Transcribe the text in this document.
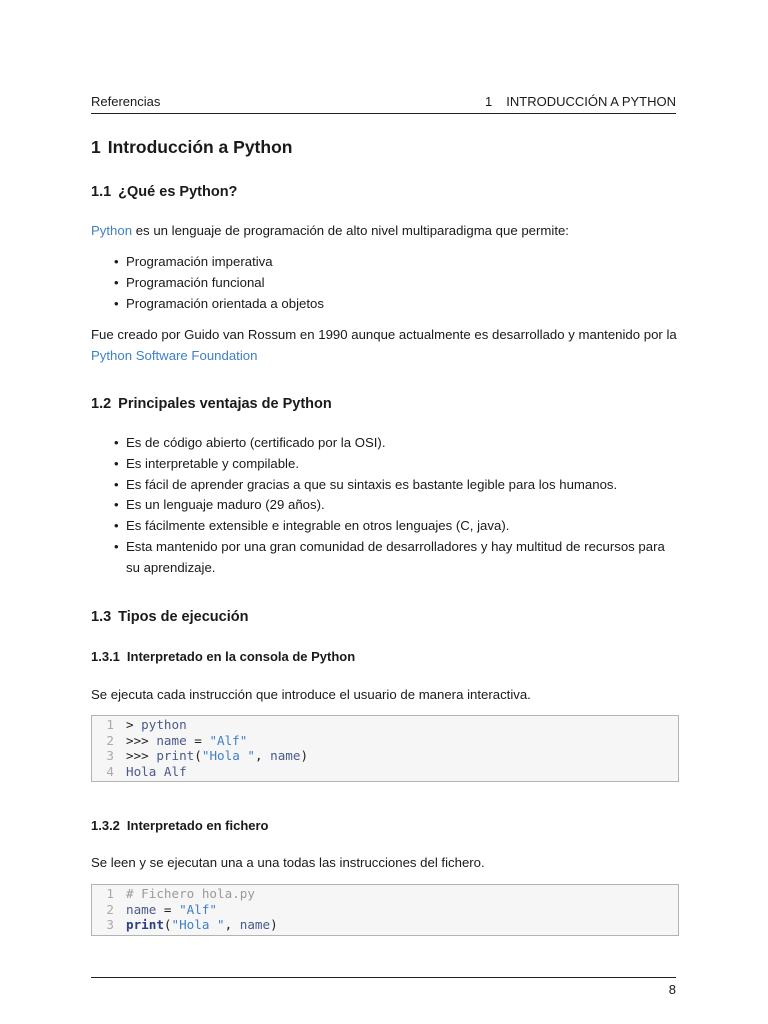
Referencias	1 INTRODUCCIÓN A PYTHON
1 Introducción a Python
1.1 ¿Qué es Python?

Python es un lenguaje de programación de alto nivel multiparadigma que permite:

• Programación imperativa
• Programación funcional
• Programación orientada a objetos

Fue creado por Guido van Rossum en 1990 aunque actualmente es desarrollado y mantenido por la
Python Software Foundation

1.2 Principales ventajas de Python
• Es de código abierto (certificado por la OSI).
• Es interpretable y compilable.
• Es fácil de aprender gracias a que su sintaxis es bastante legible para los humanos.
• Es un lenguaje maduro (29 años).
• Es fácilmente extensible e integrable en otros lenguajes (C, java).
• Esta mantenido por una gran comunidad de desarrolladores y hay multitud de recursos para su aprendizaje.
1.3 Tipos de ejecución
1.3.1 Interpretado en la consola de Python

Se ejecuta cada instrucción que introduce el usuario de manera interactiva.

1 > python
2 >>> name = "Alf"
3 >>> print("Hola ", name)
4 Hola Alf
1.3.2 Interpretado en fichero

Se leen y se ejecutan una a una todas las instrucciones del fichero.

1 # Fichero hola.py
2 name = "Alf"
3 print("Hola ", name)
8
